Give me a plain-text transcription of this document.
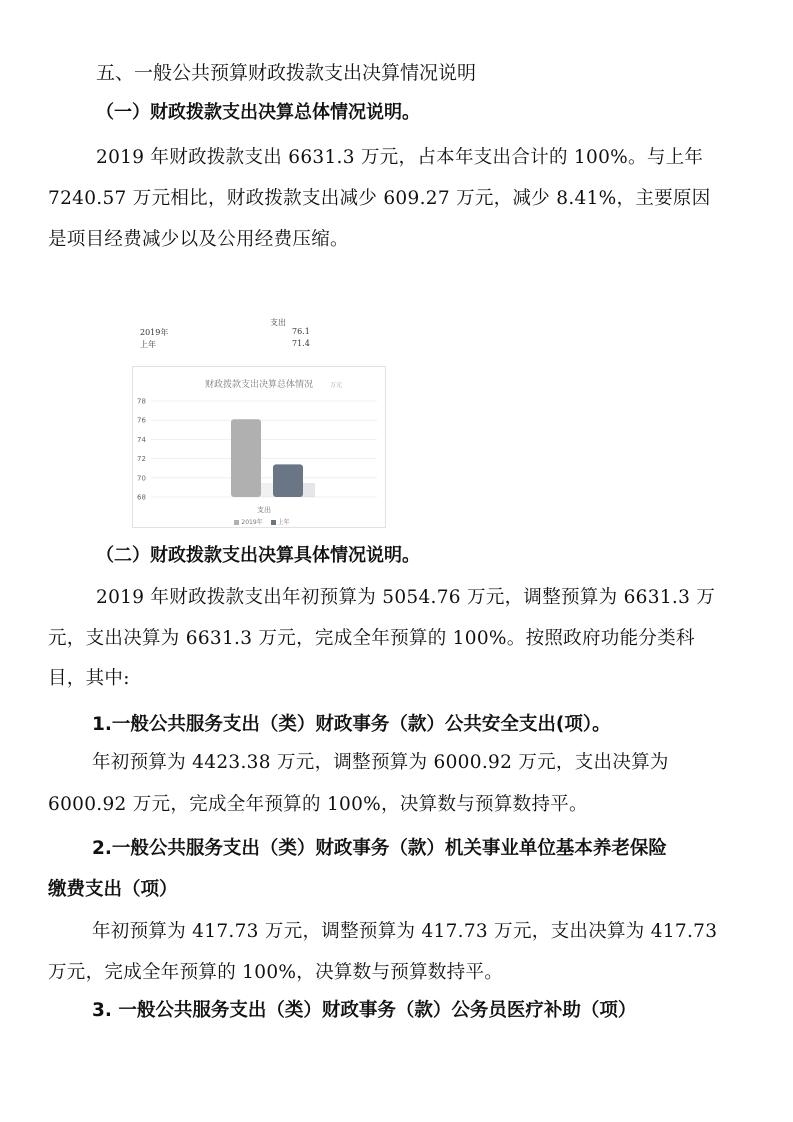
五、一般公共预算财政拨款支出决算情况说明
（一）财政拨款支出决算总体情况说明。
2019 年财政拨款支出 6631.3 万元，占本年支出合计的 100%。与上年
7240.57 万元相比，财政拨款支出减少 609.27 万元，减少 8.41%，主要原因
是项目经费减少以及公用经费压缩。
支出
2019年	76.1
上年	71.4
财政拨款支出决算总体情况	万元
78
76
74
72
70
68
支出
2019年 上年
（二）财政拨款支出决算具体情况说明。
2019 年财政拨款支出年初预算为 5054.76 万元，调整预算为 6631.3 万
元，支出决算为 6631.3 万元，完成全年预算的 100%。按照政府功能分类科
目，其中:
1.一般公共服务支出（类）财政事务（款）公共安全支出(项）。
年初预算为 4423.38 万元，调整预算为 6000.92 万元，支出决算为
6000.92 万元，完成全年预算的 100%，决算数与预算数持平。
2.一般公共服务支出（类）财政事务（款）机关事业单位基本养老保险
缴费支出（项）
年初预算为 417.73 万元，调整预算为 417.73 万元，支出决算为 417.73
万元，完成全年预算的 100%，决算数与预算数持平。
3. 一般公共服务支出（类）财政事务（款）公务员医疗补助（项）
